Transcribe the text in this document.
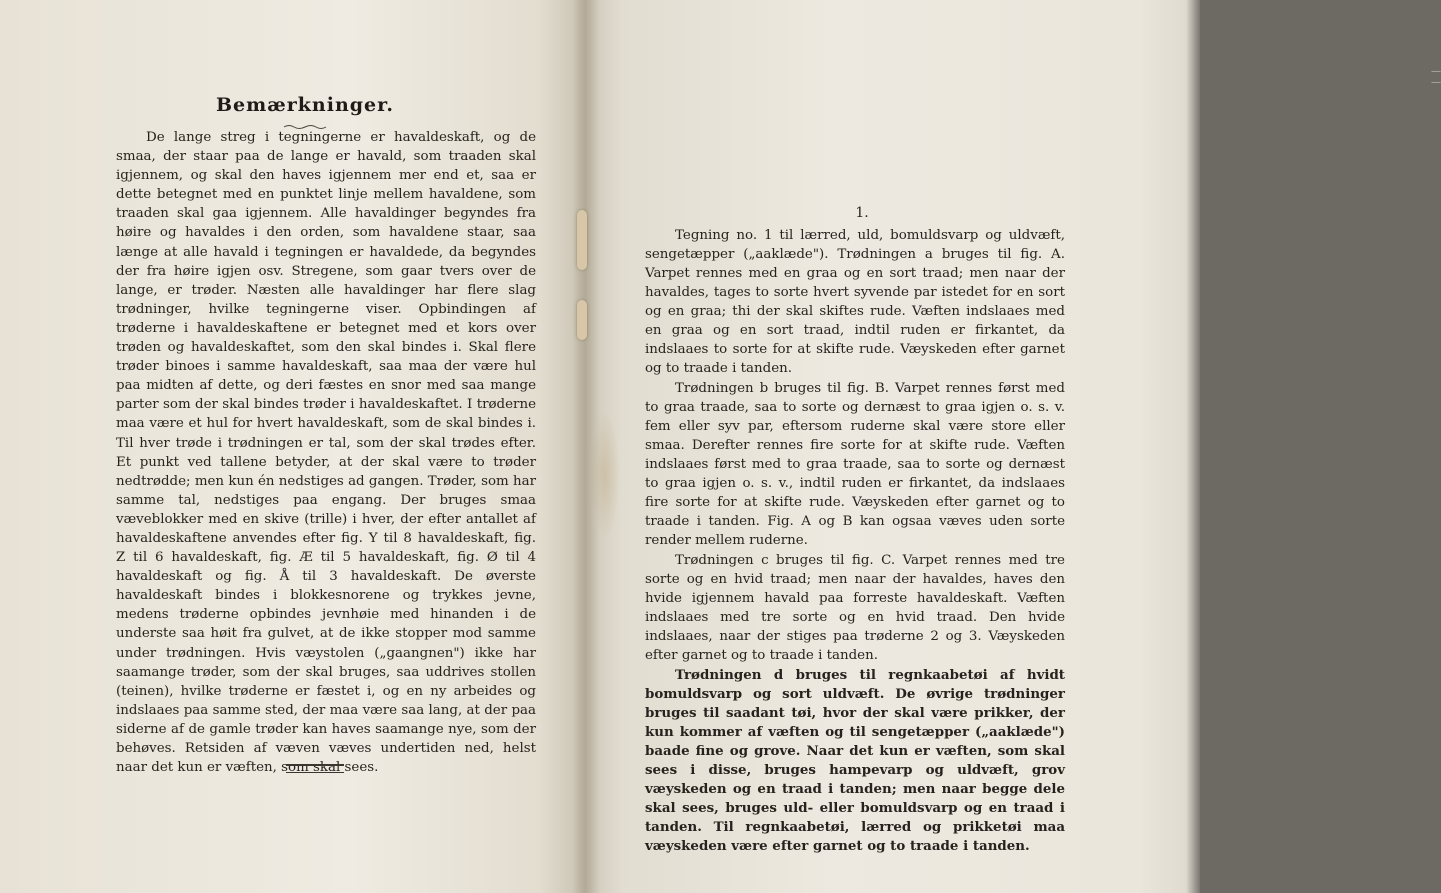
Bemærkninger.

De lange streg i tegningerne er havaldeskaft, og de smaa, der staar paa de lange er havald, som traaden skal igjennem, og skal den haves igjennem mer end et, saa er dette betegnet med en punktet linje mellem havaldene, som traaden skal gaa igjennem. Alle havaldinger begyndes fra høire og havaldes i den orden, som havaldene staar, saa længe at alle havald i tegningen er havaldede, da begyndes der fra høire igjen osv. Stregene, som gaar tvers over de lange, er trøder. Næsten alle havaldinger har flere slag trødninger, hvilke tegningerne viser. Opbindingen af trøderne i havaldeskaftene er betegnet med et kors over trøden og havaldeskaftet, som den skal bindes i. Skal flere trøder binoes i samme havaldeskaft, saa maa der være hul paa midten af dette, og deri fæstes en snor med saa mange parter som der skal bindes trøder i havaldeskaftet. I trøderne maa være et hul for hvert havaldeskaft, som de skal bindes i. Til hver trøde i trødningen er tal, som der skal trødes efter. Et punkt ved tallene betyder, at der skal være to trøder nedtrødde; men kun én nedstiges ad gangen. Trøder, som har samme tal, nedstiges paa engang. Der bruges smaa væveblokker med en skive (trille) i hver, der efter antallet af havaldeskaftene anvendes efter fig. Y til 8 havaldeskaft, fig. Z til 6 havaldeskaft, fig. Æ til 5 havaldeskaft, fig. Ø til 4 havaldeskaft og fig. Å til 3 havaldeskaft. De øverste havaldeskaft bindes i blokkesnorene og trykkes jevne, medens trøderne opbindes jevnhøie med hinanden i de underste saa høit fra gulvet, at de ikke stopper mod samme under trødningen. Hvis væystolen („gaangnen") ikke har saamange trøder, som der skal bruges, saa uddrives stollen (teinen), hvilke trøderne er fæstet i, og en ny arbeides og indslaaes paa samme sted, der maa være saa lang, at der paa siderne af de gamle trøder kan haves saamange nye, som der behøves. Retsiden af væven væves undertiden ned, helst naar det kun er væften, som skal sees.

— —
1.

Tegning no. 1 til lærred, uld, bomuldsvarp og uldvæft, sengetæpper („aaklæde"). Trødningen a bruges til fig. A. Varpet rennes med en graa og en sort traad; men naar der havaldes, tages to sorte hvert syvende par istedet for en sort og en graa; thi der skal skiftes rude. Væften indslaaes med en graa og en sort traad, indtil ruden er firkantet, da indslaaes to sorte for at skifte rude. Væyskeden efter garnet og to traade i tanden.

Trødningen b bruges til fig. B. Varpet rennes først med to graa traade, saa to sorte og dernæst to graa igjen o. s. v. fem eller syv par, eftersom ruderne skal være store eller smaa. Derefter rennes fire sorte for at skifte rude. Væften indslaaes først med to graa traade, saa to sorte og dernæst to graa igjen o. s. v., indtil ruden er firkantet, da indslaaes fire sorte for at skifte rude. Væyskeden efter garnet og to traade i tanden. Fig. A og B kan ogsaa væves uden sorte render mellem ruderne.

Trødningen c bruges til fig. C. Varpet rennes med tre sorte og en hvid traad; men naar der havaldes, haves den hvide igjennem havald paa forreste havaldeskaft. Væften indslaaes med tre sorte og en hvid traad. Den hvide indslaaes, naar der stiges paa trøderne 2 og 3. Væyskeden efter garnet og to traade i tanden.

Trødningen d bruges til regnkaabetøi af hvidt bomuldsvarp og sort uldvæft. De øvrige trødninger bruges til saadant tøi, hvor der skal være prikker, der kun kommer af væften og til sengetæpper („aaklæde") baade fine og grove. Naar det kun er væften, som skal sees i disse, bruges hampevarp og uldvæft, grov væyskeden og en traad i tanden; men naar begge dele skal sees, bruges uld- eller bomuldsvarp og en traad i tanden. Til regnkaabetøi, lærred og prikketøi maa væyskeden være efter garnet og to traade i tanden.
